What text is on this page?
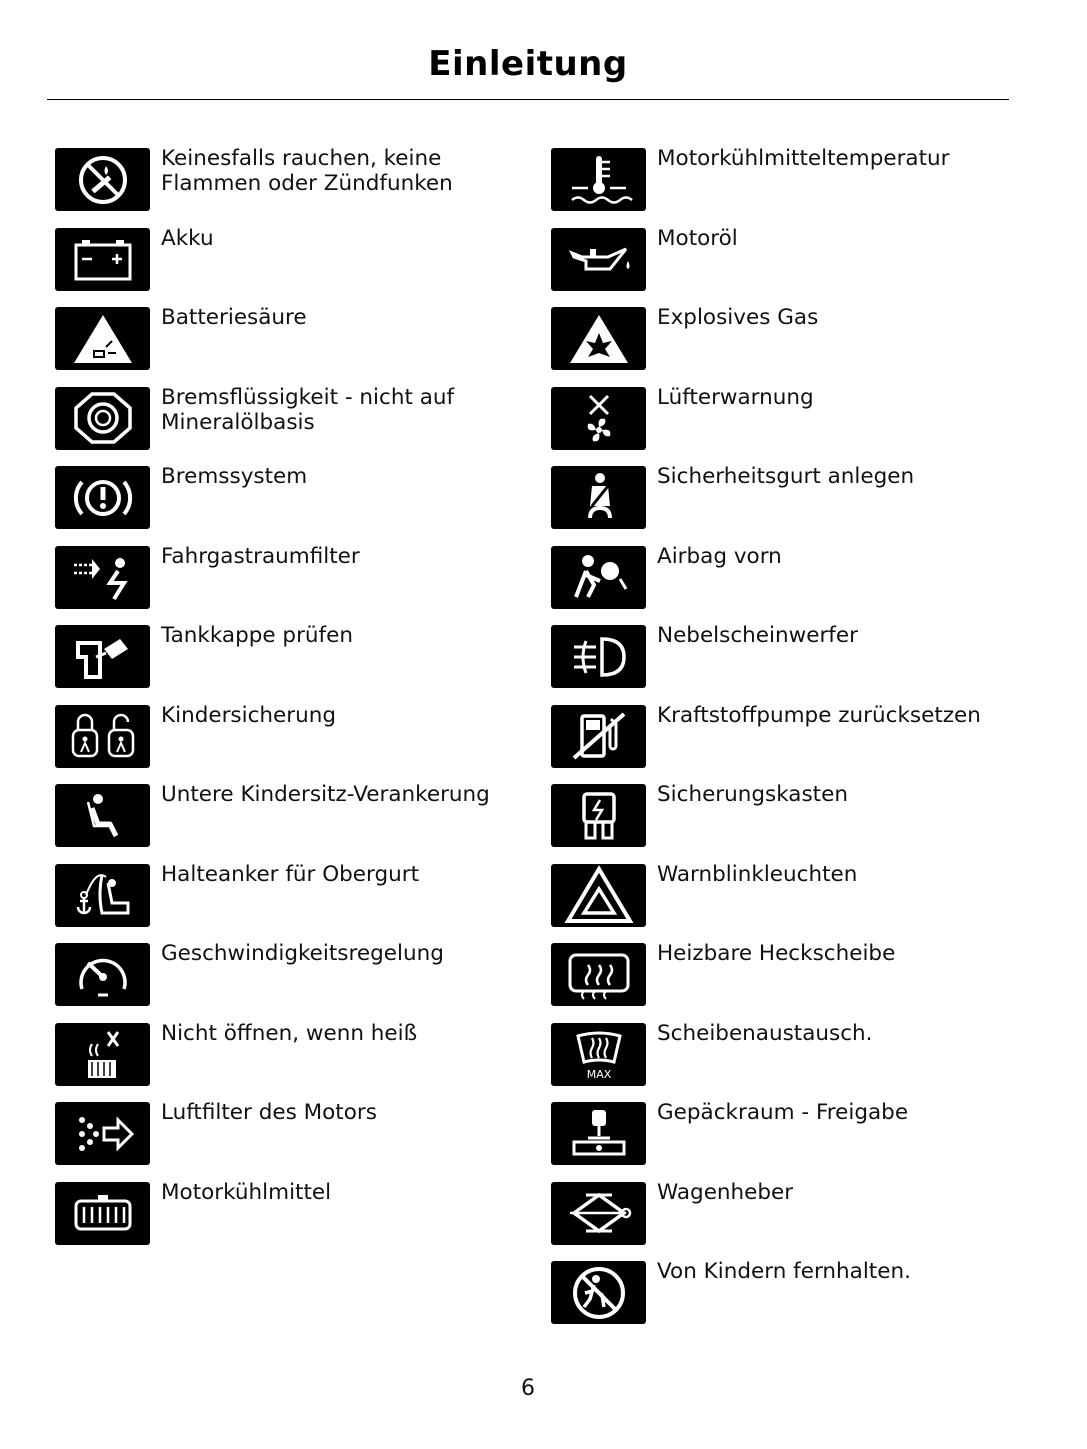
Einleitung
Keinesfalls rauchen, keine
Flammen oder Zündfunken
Akku
Batteriesäure
Bremsflüssigkeit - nicht auf
Mineralölbasis
Bremssystem
Fahrgastraumfilter
Tankkappe prüfen
Kindersicherung
Untere Kindersitz-Verankerung
Halteanker für Obergurt
Geschwindigkeitsregelung
Nicht öffnen, wenn heiß
Luftfilter des Motors
Motorkühlmittel
Motorkühlmitteltemperatur
Motoröl
Explosives Gas
Lüfterwarnung
Sicherheitsgurt anlegen
Airbag vorn
Nebelscheinwerfer
Kraftstoffpumpe zurücksetzen
Sicherungskasten
Warnblinkleuchten
Heizbare Heckscheibe
MAX
Scheibenaustausch.
Gepäckraum - Freigabe
Wagenheber
Von Kindern fernhalten.
6
